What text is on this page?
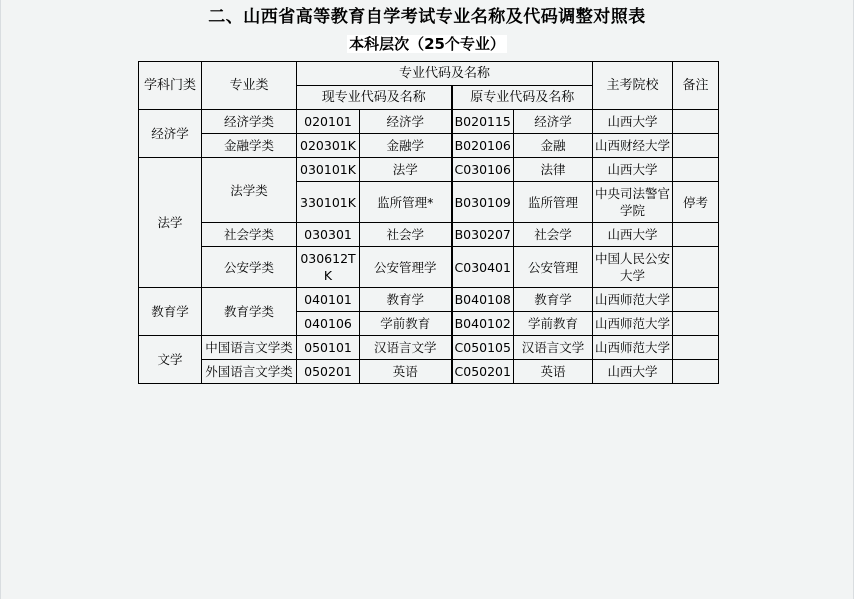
二、山西省高等教育自学考试专业名称及代码调整对照表
本科层次（25个专业）
学科门类	专业类	专业代码及名称				主考院校	备注
		现专业代码及名称		原专业代码及名称			
经济学	经济学类	020101	经济学	B020115	经济学	山西大学	
	金融学类	020301K	金融学	B020106	金融	山西财经大学	
法学	法学类	030101K	法学	C030106	法律	山西大学	
		330101K	监所管理*	B030109	监所管理	中央司法警官学院	停考
	社会学类	030301	社会学	B030207	社会学	山西大学	
	公安学类	030612TK	公安管理学	C030401	公安管理	中国人民公安大学	
教育学	教育学类	040101	教育学	B040108	教育学	山西师范大学	
		040106	学前教育	B040102	学前教育	山西师范大学	
文学	中国语言文学类	050101	汉语言文学	C050105	汉语言文学	山西师范大学	
	外国语言文学类	050201	英语	C050201	英语	山西大学	
